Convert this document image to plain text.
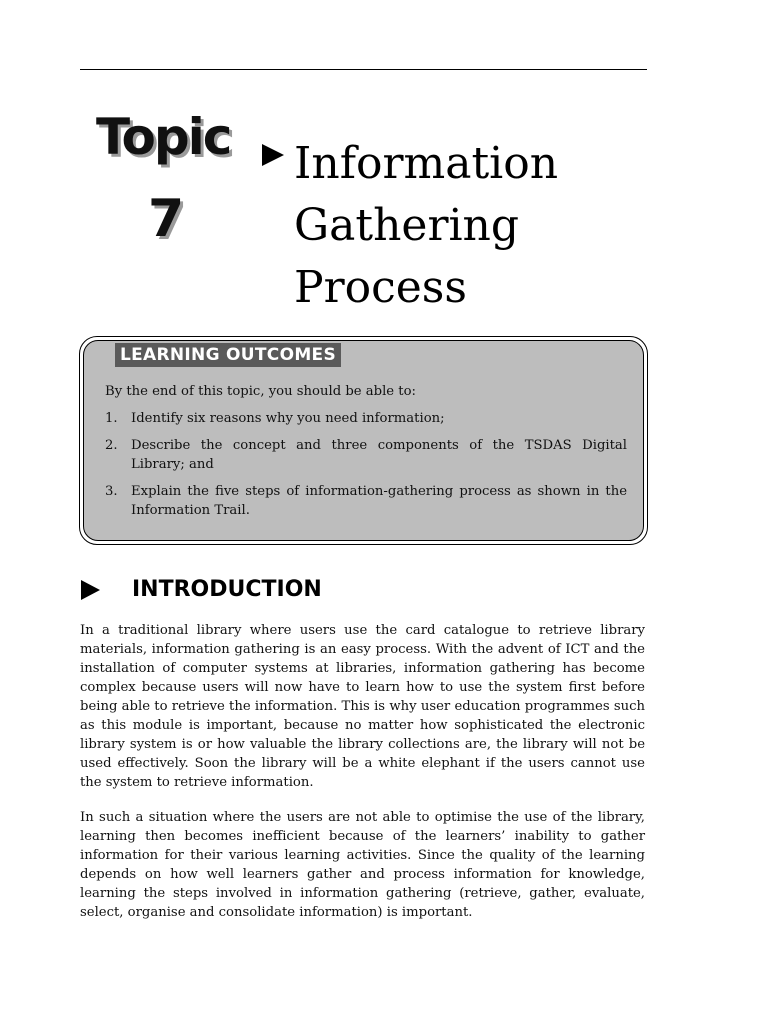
Topic
7
Information
Gathering
Process
LEARNING OUTCOMES
By the end of this topic, you should be able to:
1. Identify six reasons why you need information;
2. Describe the concept and three components of the TSDAS Digital Library; and
3. Explain the five steps of information-gathering process as shown in the Information Trail.
INTRODUCTION
In a traditional library where users use the card catalogue to retrieve library materials, information gathering is an easy process. With the advent of ICT and the installation of computer systems at libraries, information gathering has become complex because users will now have to learn how to use the system first before being able to retrieve the information. This is why user education programmes such as this module is important, because no matter how sophisticated the electronic library system is or how valuable the library collections are, the library will not be used effectively. Soon the library will be a white elephant if the users cannot use the system to retrieve information.
In such a situation where the users are not able to optimise the use of the library, learning then becomes inefficient because of the learners’ inability to gather information for their various learning activities. Since the quality of the learning depends on how well learners gather and process information for knowledge, learning the steps involved in information gathering (retrieve, gather, evaluate, select, organise and consolidate information) is important.
